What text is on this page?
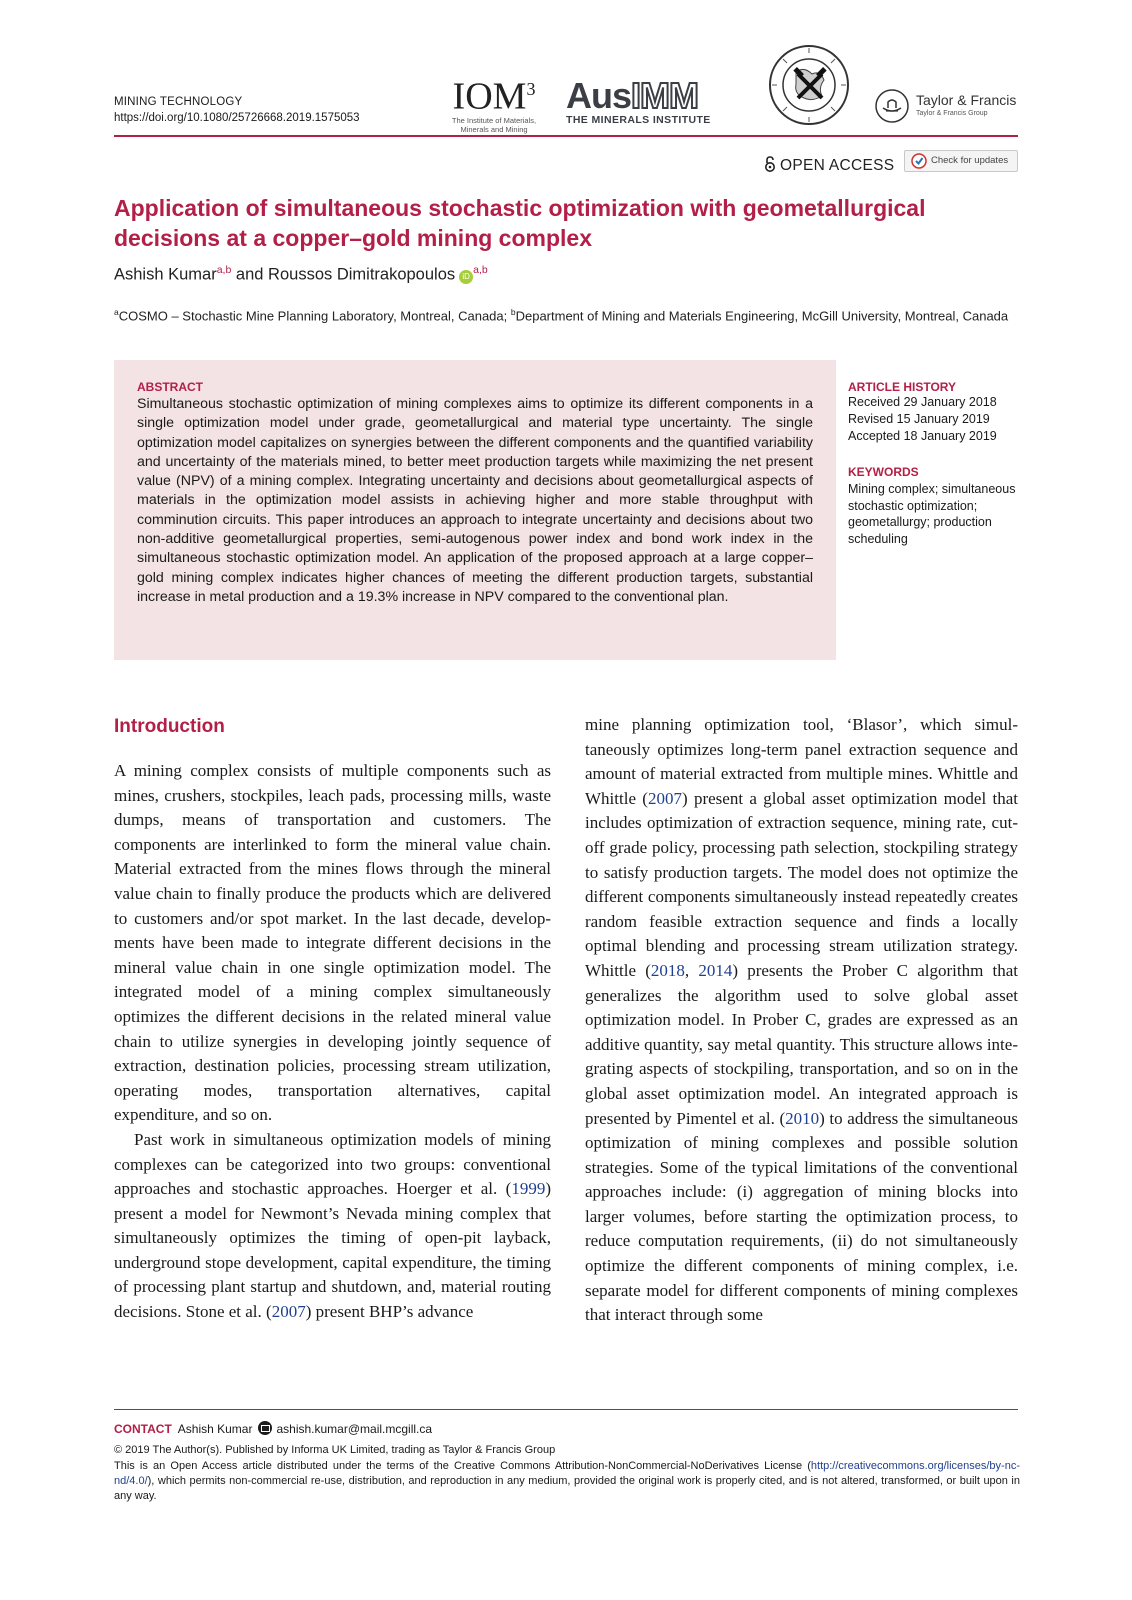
MINING TECHNOLOGY
https://doi.org/10.1080/25726668.2019.1575053
IOM$^3$
The Institute of Materials,
Minerals and Mining
AusIMM
THE MINERALS INSTITUTE
Taylor & Francis
Taylor & Francis Group
OPEN ACCESS	Check for updates
Application of simultaneous stochastic optimization with geometallurgical decisions at a copper–gold mining complex
Ashish Kumar$^{a,b}$ and Roussos Dimitrakopoulos iD $^{a,b}$
$^a$COSMO – Stochastic Mine Planning Laboratory, Montreal, Canada; $^b$Department of Mining and Materials Engineering, McGill University, Montreal, Canada
ABSTRACT
Simultaneous stochastic optimization of mining complexes aims to optimize its different components in a single optimization model under grade, geometallurgical and material type uncertainty. The single optimization model capitalizes on synergies between the different components and the quantified variability and uncertainty of the materials mined, to better meet production targets while maximizing the net present value (NPV) of a mining complex. Integrating uncertainty and decisions about geometallurgical aspects of materials in the optimization model assists in achieving higher and more stable throughput with comminution circuits. This paper introduces an approach to integrate uncertainty and decisions about two non-additive geometallurgical properties, semi-autogenous power index and bond work index in the simultaneous stochastic optimization model. An application of the proposed approach at a large copper–gold mining complex indicates higher chances of meeting the different production targets, substantial increase in metal production and a 19.3% increase in NPV compared to the conventional plan.
ARTICLE HISTORY
Received 29 January 2018
Revised 15 January 2019
Accepted 18 January 2019
KEYWORDS
Mining complex; simultaneous stochastic optimization; geometallurgy; production scheduling
Introduction

A mining complex consists of multiple components such as mines, crushers, stockpiles, leach pads, processing mills, waste dumps, means of transportation and customers. The components are interlinked to form the mineral value chain. Material extracted from the mines flows through the mineral value chain to finally produce the products which are delivered to customers and/or spot market. In the last decade, developments have been made to integrate different decisions in the mineral value chain in one single optimization model. The integrated model of a mining complex simultaneously optimizes the different decisions in the related mineral value chain to utilize synergies in developing jointly sequence of extraction, destination policies, processing stream utilization, operating modes, transportation alternatives, capital expenditure, and so on.

Past work in simultaneous optimization models of mining complexes can be categorized into two groups: conventional approaches and stochastic approaches. Hoerger et al. (1999) present a model for Newmont’s Nevada mining complex that simultaneously optimizes the timing of open-pit layback, underground stope development, capital expenditure, the timing of processing plant startup and shutdown, and, material routing decisions. Stone et al. (2007) present BHP’s advance

mine planning optimization tool, ‘Blasor’, which simultaneously optimizes long-term panel extraction sequence and amount of material extracted from multiple mines. Whittle and Whittle (2007) present a global asset optimization model that includes optimization of extraction sequence, mining rate, cutoff grade policy, processing path selection, stockpiling strategy to satisfy production targets. The model does not optimize the different components simultaneously instead repeatedly creates random feasible extraction sequence and finds a locally optimal blending and processing stream utilization strategy. Whittle (2018, 2014) presents the Prober C algorithm that generalizes the algorithm used to solve global asset optimization model. In Prober C, grades are expressed as an additive quantity, say metal quantity. This structure allows integrating aspects of stockpiling, transportation, and so on in the global asset optimization model. An integrated approach is presented by Pimentel et al. (2010) to address the simultaneous optimization of mining complexes and possible solution strategies. Some of the typical limitations of the conventional approaches include: (i) aggregation of mining blocks into larger volumes, before starting the optimization process, to reduce computation requirements, (ii) do not simultaneously optimize the different components of mining complex, i.e. separate model for different components of mining complexes that interact through some

CONTACT Ashish Kumar ashish.kumar@mail.mcgill.ca
© 2019 The Author(s). Published by Informa UK Limited, trading as Taylor & Francis Group
This is an Open Access article distributed under the terms of the Creative Commons Attribution-NonCommercial-NoDerivatives License (http://creativecommons.org/licenses/by-nc-nd/4.0/), which permits non-commercial re-use, distribution, and reproduction in any medium, provided the original work is properly cited, and is not altered, transformed, or built upon in any way.
